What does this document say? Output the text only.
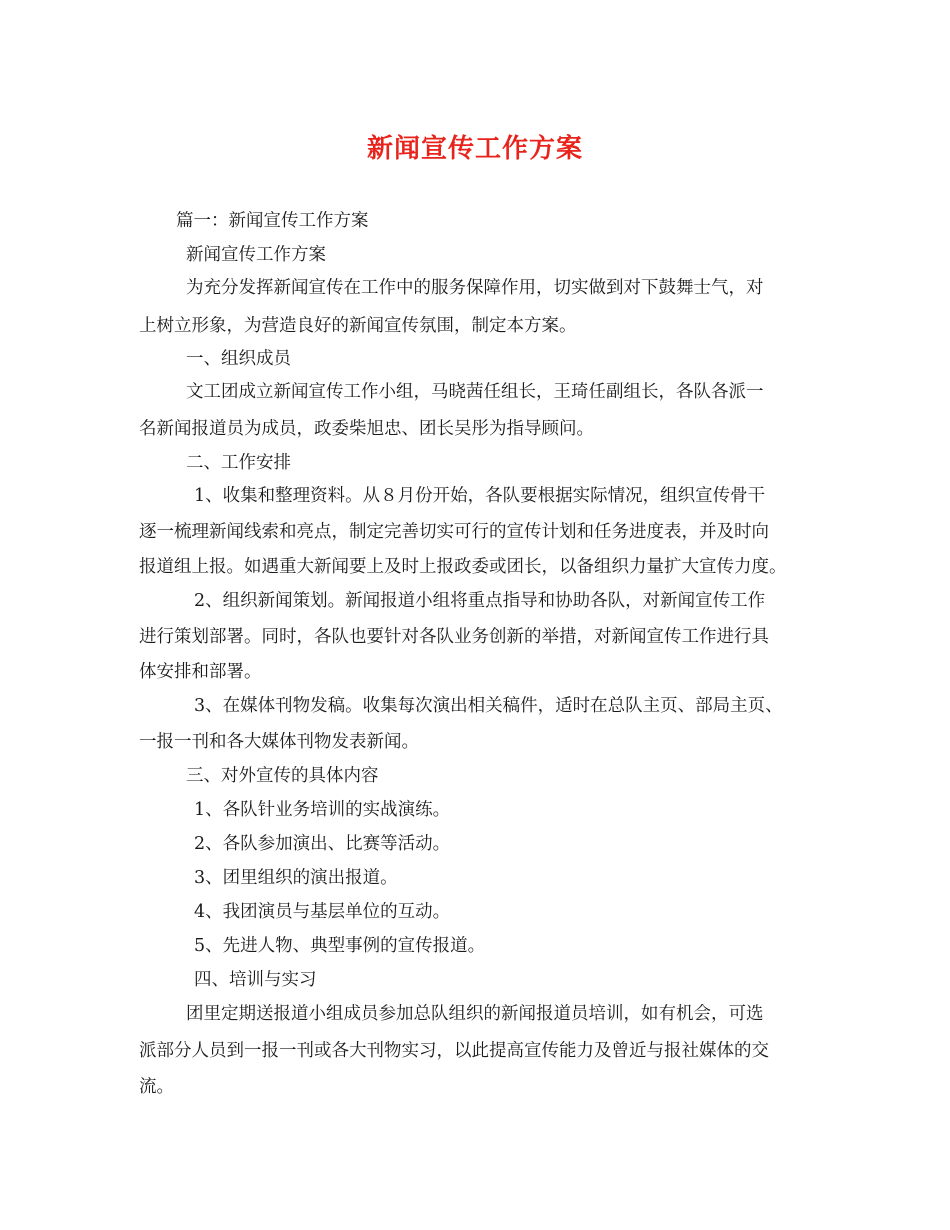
新闻宣传工作方案
篇一：新闻宣传工作方案
新闻宣传工作方案
为充分发挥新闻宣传在工作中的服务保障作用，切实做到对下鼓舞士气，对
上树立形象，为营造良好的新闻宣传氛围，制定本方案。
一、组织成员
文工团成立新闻宣传工作小组，马晓茜任组长，王琦任副组长，各队各派一
名新闻报道员为成员，政委柴旭忠、团长吴彤为指导顾问。
二、工作安排
1、收集和整理资料。从８月份开始，各队要根据实际情况，组织宣传骨干
逐一梳理新闻线索和亮点，制定完善切实可行的宣传计划和任务进度表，并及时向
报道组上报。如遇重大新闻要上及时上报政委或团长，以备组织力量扩大宣传力度。
2、组织新闻策划。新闻报道小组将重点指导和协助各队，对新闻宣传工作
进行策划部署。同时，各队也要针对各队业务创新的举措，对新闻宣传工作进行具
体安排和部署。
3、在媒体刊物发稿。收集每次演出相关稿件，适时在总队主页、部局主页、
一报一刊和各大媒体刊物发表新闻。
三、对外宣传的具体内容
1、各队针业务培训的实战演练。
2、各队参加演出、比赛等活动。
3、团里组织的演出报道。
4、我团演员与基层单位的互动。
5、先进人物、典型事例的宣传报道。
四、培训与实习
团里定期送报道小组成员参加总队组织的新闻报道员培训，如有机会，可选
派部分人员到一报一刊或各大刊物实习，以此提高宣传能力及曾近与报社媒体的交
流。
